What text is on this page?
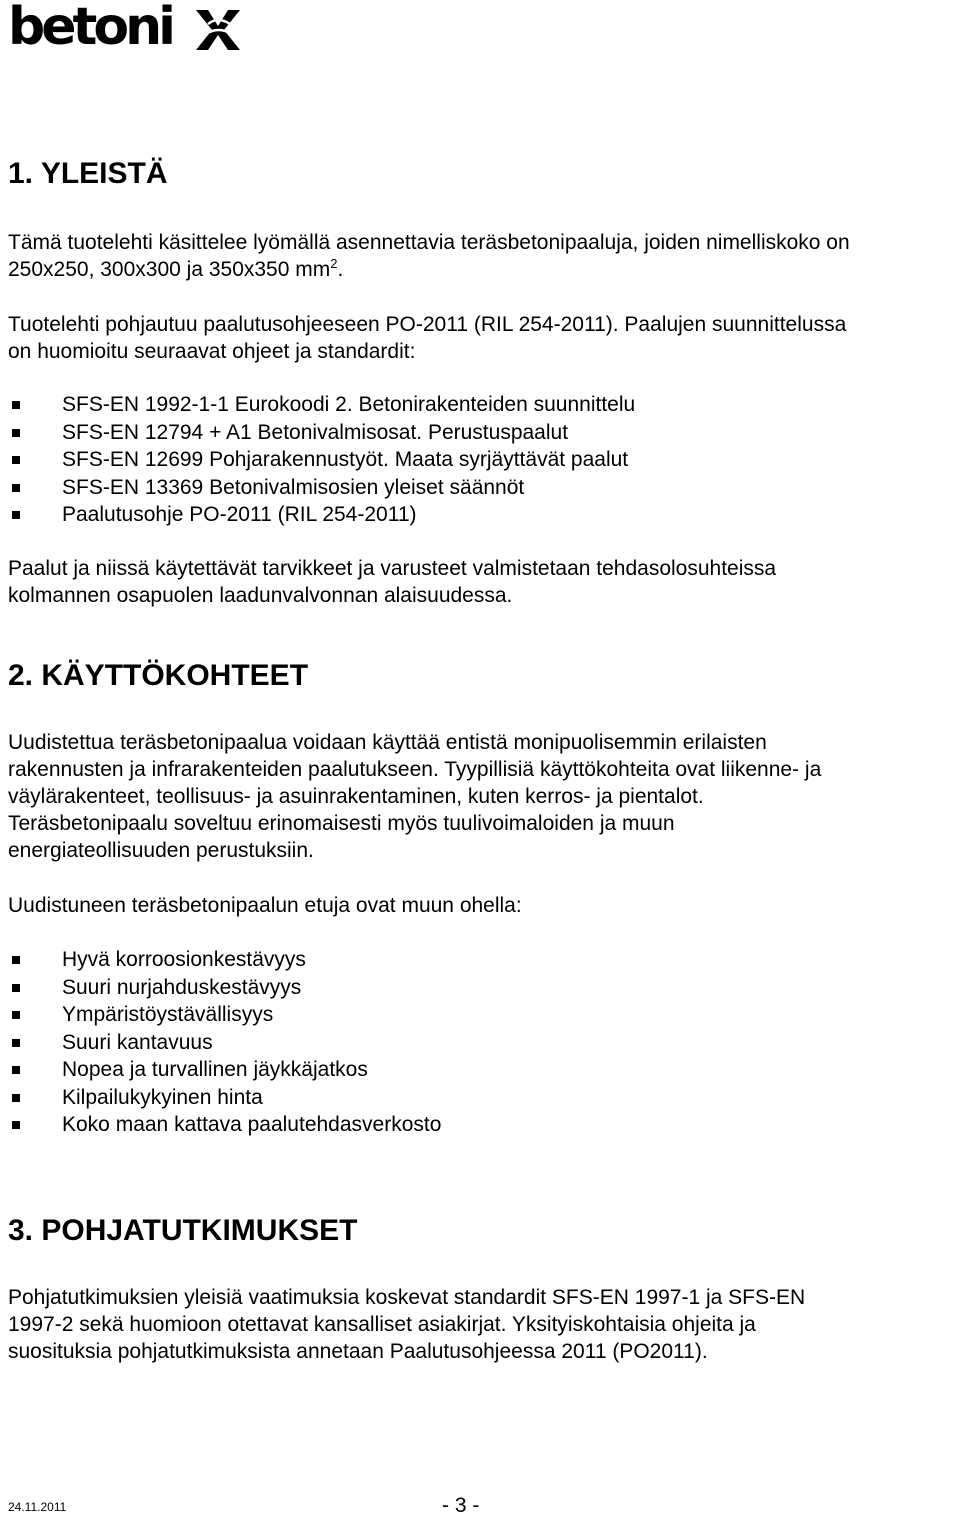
betoni
1. YLEISTÄ
Tämä tuotelehti käsittelee lyömällä asennettavia teräsbetonipaaluja, joiden nimelliskoko on
250x250, 300x300 ja 350x350 $mm^2$.
Tuotelehti pohjautuu paalutusohjeeseen PO-2011 (RIL 254-2011). Paalujen suunnittelussa
on huomioitu seuraavat ohjeet ja standardit:
SFS-EN 1992-1-1 Eurokoodi 2. Betonirakenteiden suunnittelu
SFS-EN 12794 + A1 Betonivalmisosat. Perustuspaalut
SFS-EN 12699 Pohjarakennustyöt. Maata syrjäyttävät paalut
SFS-EN 13369 Betonivalmisosien yleiset säännöt
Paalutusohje PO-2011 (RIL 254-2011)
Paalut ja niissä käytettävät tarvikkeet ja varusteet valmistetaan tehdasolosuhteissa
kolmannen osapuolen laadunvalvonnan alaisuudessa.
2. KÄYTTÖKOHTEET
Uudistettua teräsbetonipaalua voidaan käyttää entistä monipuolisemmin erilaisten
rakennusten ja infrarakenteiden paalutukseen. Tyypillisiä käyttökohteita ovat liikenne- ja
väylärakenteet, teollisuus- ja asuinrakentaminen, kuten kerros- ja pientalot.
Teräsbetonipaalu soveltuu erinomaisesti myös tuulivoimaloiden ja muun
energiateollisuuden perustuksiin.
Uudistuneen teräsbetonipaalun etuja ovat muun ohella:
Hyvä korroosionkestävyys
Suuri nurjahduskestävyys
Ympäristöystävällisyys
Suuri kantavuus
Nopea ja turvallinen jäykkäjatkos
Kilpailukykyinen hinta
Koko maan kattava paalutehdasverkosto
3. POHJATUTKIMUKSET
Pohjatutkimuksien yleisiä vaatimuksia koskevat standardit SFS-EN 1997-1 ja SFS-EN
1997-2 sekä huomioon otettavat kansalliset asiakirjat. Yksityiskohtaisia ohjeita ja
suosituksia pohjatutkimuksista annetaan Paalutusohjeessa 2011 (PO2011).
24.11.2011	- 3 -
